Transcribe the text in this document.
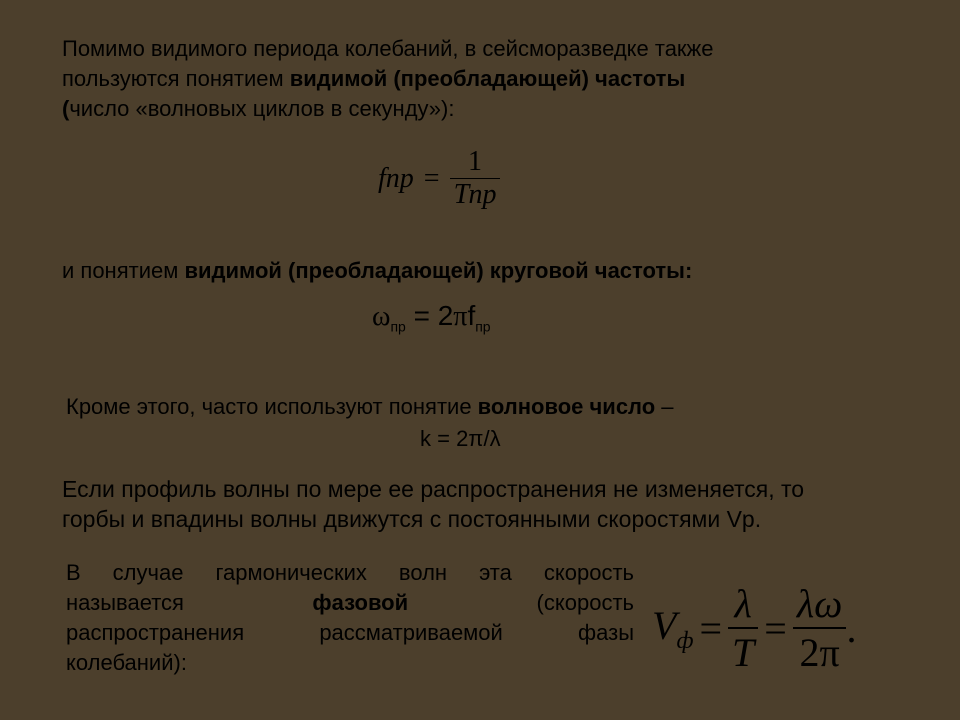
Помимо видимого периода колебаний, в сейсморазведке также
пользуются понятием видимой (преобладающей) частоты
(число «волновых циклов в секунду»):
fпр = $\frac{1}{\text{Тпр}}$
и понятием видимой (преобладающей) круговой частоты:
$\omega_{пр} = 2\pi f_{пр}$
Кроме этого, часто используют понятие волновое число –
k = 2π/λ
Если профиль волны по мере ее распространения не изменяется, то
горбы и впадины волны движутся с постоянными скоростями Vр.
В случае гармонических волн эта скорость
называется фазовой	(скорость
распространения рассматриваемой фазы
колебаний):
$V_ф = \frac{\lambda}{T} = \frac{\lambda\omega}{2\pi}$ .
